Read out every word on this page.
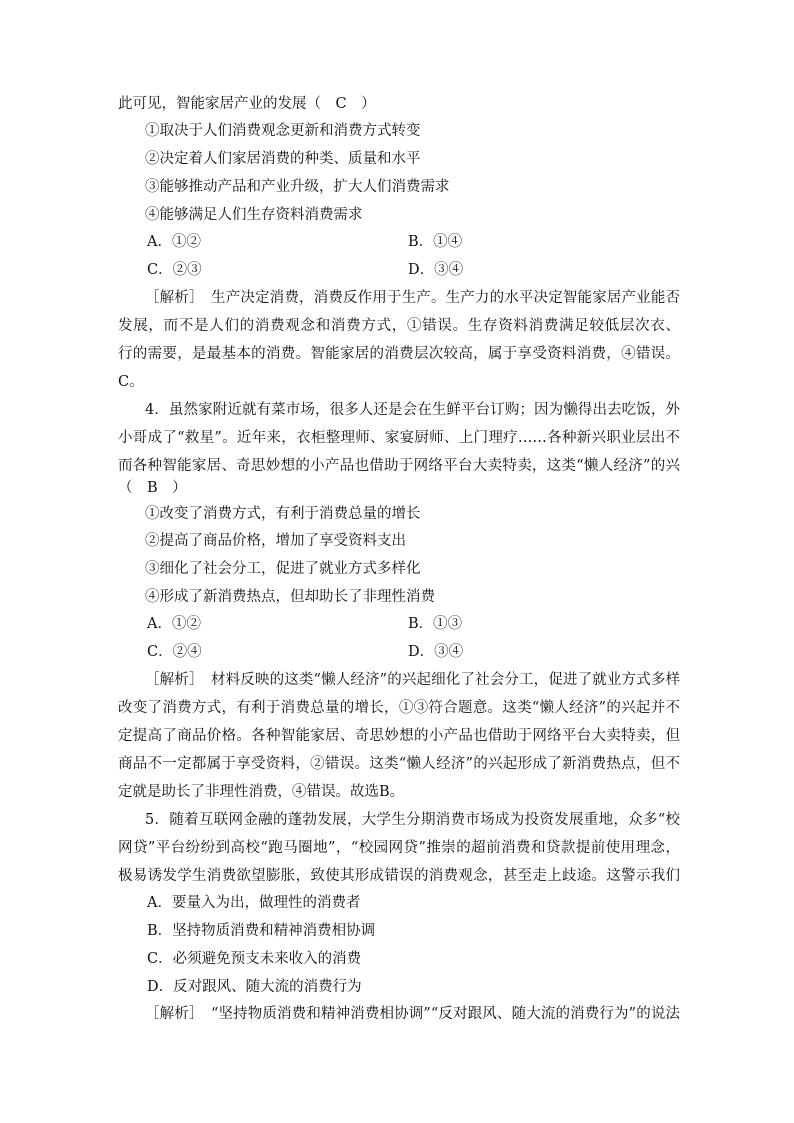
此可见，智能家居产业的发展（　C　）
①取决于人们消费观念更新和消费方式转变
②决定着人们家居消费的种类、质量和水平
③能够推动产品和产业升级，扩大人们消费需求
④能够满足人们生存资料消费需求
A．①②	B．①④
C．②③	D．③④
［解析］　生产决定消费，消费反作用于生产。生产力的水平决定智能家居产业能否
发展，而不是人们的消费观念和消费方式，①错误。生存资料消费满足较低层次衣、
行的需要，是最基本的消费。智能家居的消费层次较高，属于享受资料消费，④错误。
C。
4．虽然家附近就有菜市场，很多人还是会在生鲜平台订购；因为懒得出去吃饭，外
小哥成了“救星”。近年来，衣柜整理师、家宴厨师、上门理疗……各种新兴职业层出不
而各种智能家居、奇思妙想的小产品也借助于网络平台大卖特卖，这类“懒人经济”的兴
（　B　）
①改变了消费方式，有利于消费总量的增长
②提高了商品价格，增加了享受资料支出
③细化了社会分工，促进了就业方式多样化
④形成了新消费热点，但却助长了非理性消费
A．①②	B．①③
C．②④	D．③④
［解析］　材料反映的这类“懒人经济”的兴起细化了社会分工，促进了就业方式多样
改变了消费方式，有利于消费总量的增长，①③符合题意。这类“懒人经济”的兴起并不
定提高了商品价格。各种智能家居、奇思妙想的小产品也借助于网络平台大卖特卖，但
商品不一定都属于享受资料，②错误。这类“懒人经济”的兴起形成了新消费热点，但不
定就是助长了非理性消费，④错误。故选B。
5．随着互联网金融的蓬勃发展，大学生分期消费市场成为投资发展重地，众多“校
网贷”平台纷纷到高校“跑马圈地”，“校园网贷”推崇的超前消费和贷款提前使用理念，
极易诱发学生消费欲望膨胀，致使其形成错误的消费观念，甚至走上歧途。这警示我们　　
A．要量入为出，做理性的消费者
B．坚持物质消费和精神消费相协调
C．必须避免预支未来收入的消费
D．反对跟风、随大流的消费行为
［解析］　“坚持物质消费和精神消费相协调”“反对跟风、随大流的消费行为”的说法
